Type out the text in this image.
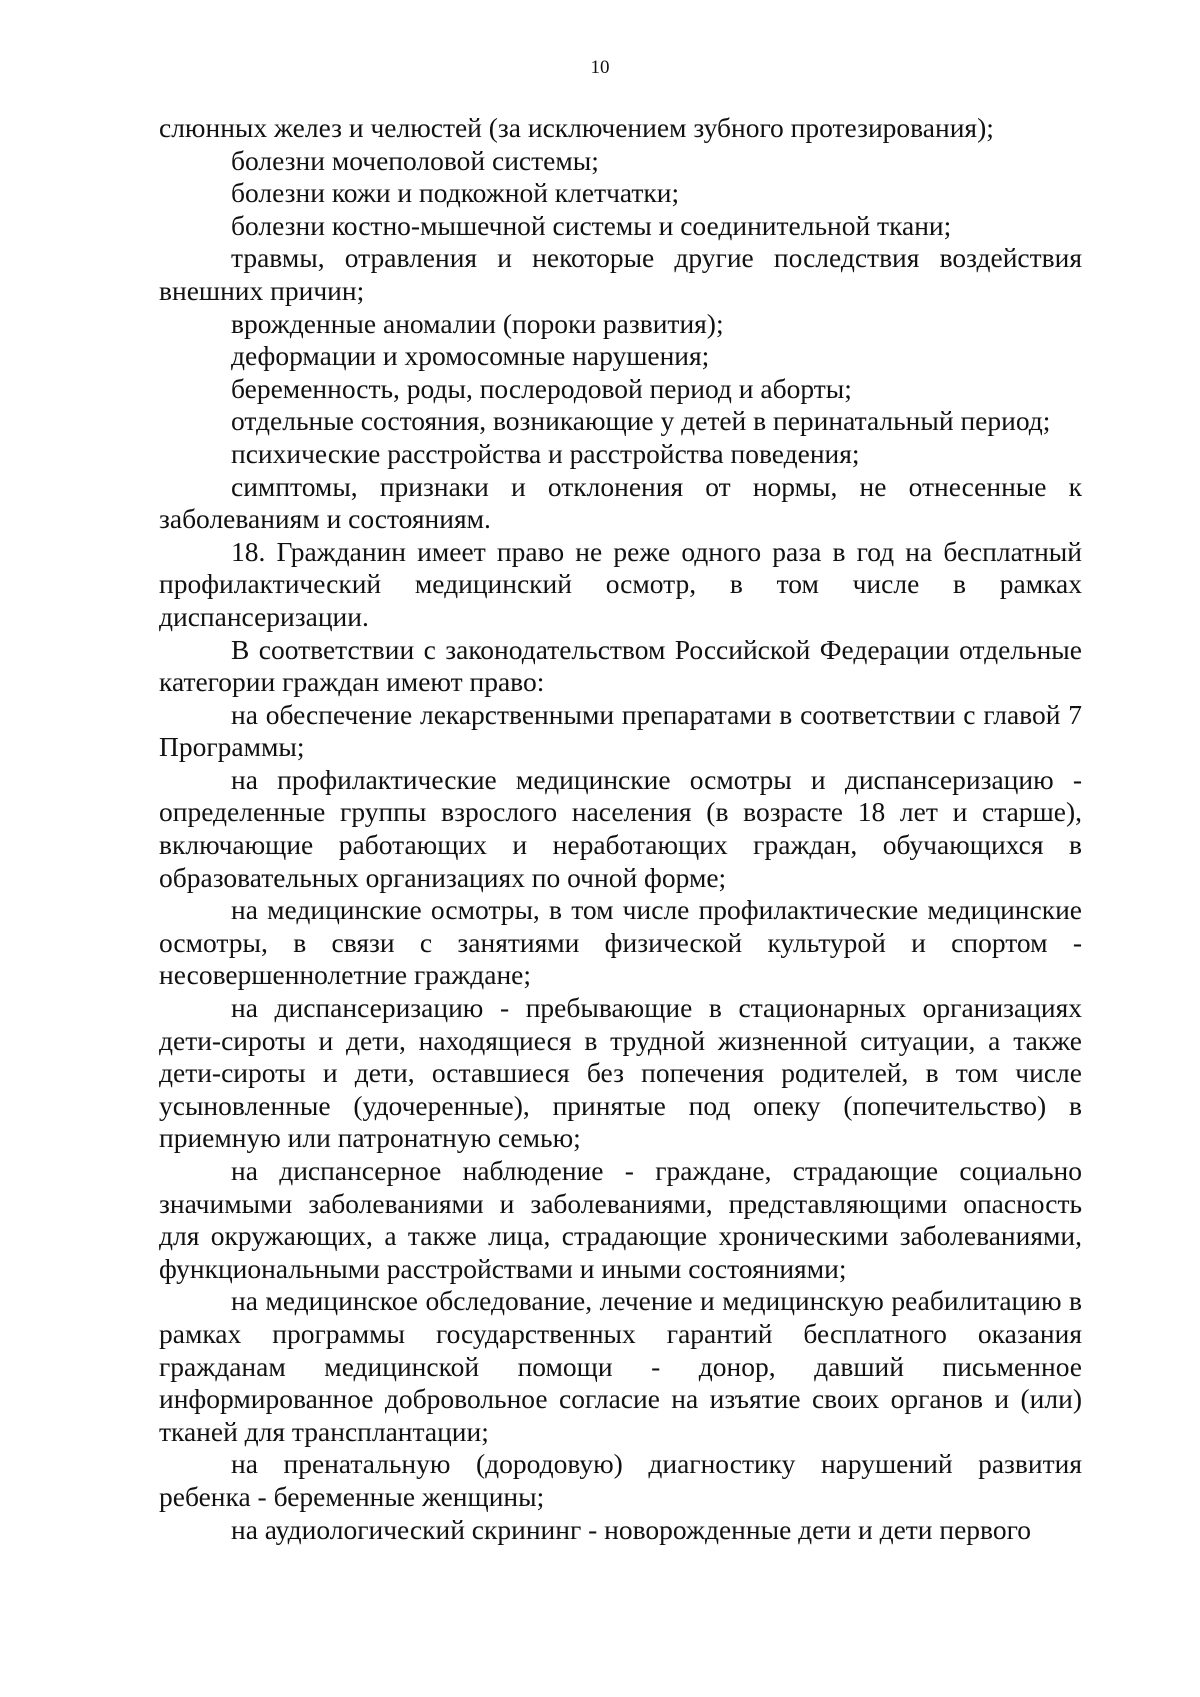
10

слюнных желез и челюстей (за исключением зубного протезирования);

болезни мочеполовой системы;

болезни кожи и подкожной клетчатки;

болезни костно-мышечной системы и соединительной ткани;

травмы, отравления и некоторые другие последствия воздействия внешних причин;

врожденные аномалии (пороки развития);

деформации и хромосомные нарушения;

беременность, роды, послеродовой период и аборты;

отдельные состояния, возникающие у детей в перинатальный период;

психические расстройства и расстройства поведения;

симптомы, признаки и отклонения от нормы, не отнесенные к заболеваниям и состояниям.

18. Гражданин имеет право не реже одного раза в год на бесплатный профилактический медицинский осмотр, в том числе в рамках диспансеризации.

В соответствии с законодательством Российской Федерации отдельные категории граждан имеют право:

на обеспечение лекарственными препаратами в соответствии с главой 7 Программы;

на профилактические медицинские осмотры и диспансеризацию - определенные группы взрослого населения (в возрасте 18 лет и старше), включающие работающих и неработающих граждан, обучающихся в образовательных организациях по очной форме;

на медицинские осмотры, в том числе профилактические медицинские осмотры, в связи с занятиями физической культурой и спортом - несовершеннолетние граждане;

на диспансеризацию - пребывающие в стационарных организациях дети-сироты и дети, находящиеся в трудной жизненной ситуации, а также дети-сироты и дети, оставшиеся без попечения родителей, в том числе усыновленные (удочеренные), принятые под опеку (попечительство) в приемную или патронатную семью;

на диспансерное наблюдение - граждане, страдающие социально значимыми заболеваниями и заболеваниями, представляющими опасность для окружающих, а также лица, страдающие хроническими заболеваниями, функциональными расстройствами и иными состояниями;

на медицинское обследование, лечение и медицинскую реабилитацию в рамках программы государственных гарантий бесплатного оказания гражданам медицинской помощи - донор, давший письменное информированное добровольное согласие на изъятие своих органов и (или) тканей для трансплантации;

на пренатальную (дородовую) диагностику нарушений развития ребенка - беременные женщины;

на аудиологический скрининг - новорожденные дети и дети первого
